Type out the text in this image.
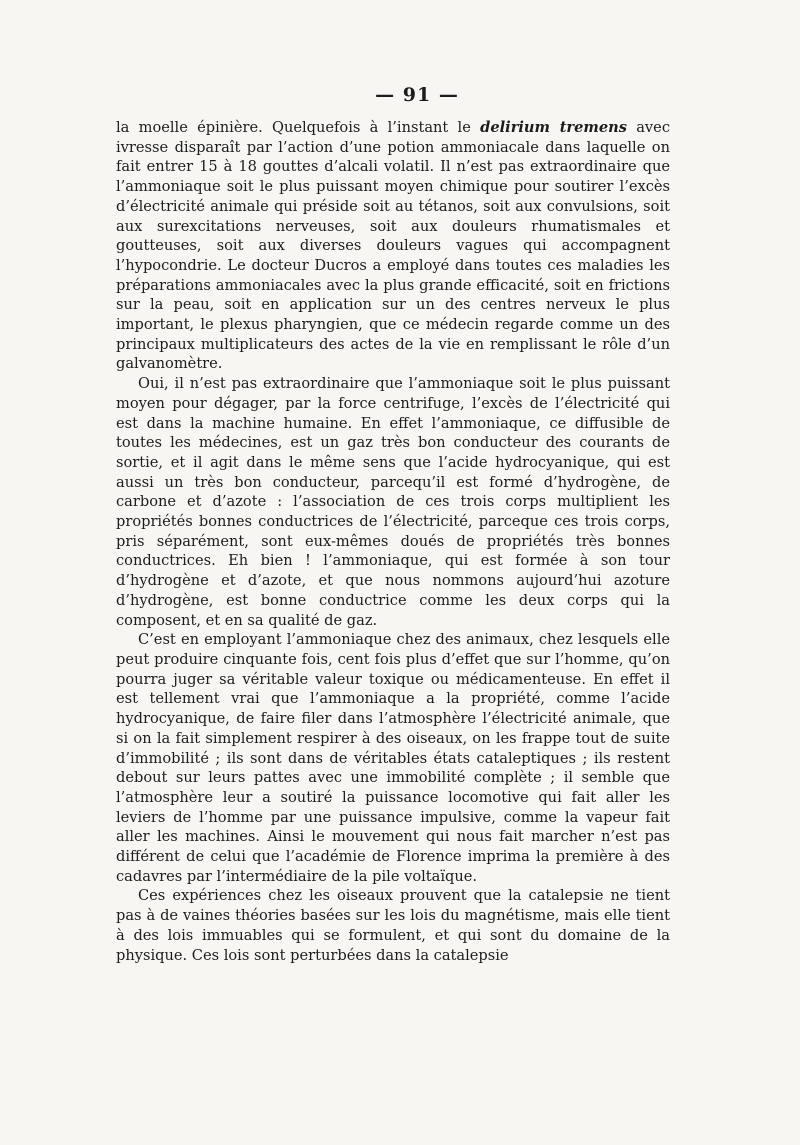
— 91 —

la moelle épinière. Quelquefois à l’instant le delirium tremens avec ivresse disparaît par l’action d’une potion ammoniacale dans laquelle on fait entrer 15 à 18 gouttes d’alcali volatil. Il n’est pas extraordinaire que l’ammoniaque soit le plus puissant moyen chimique pour soutirer l’excès d’électricité animale qui préside soit au tétanos, soit aux convulsions, soit aux surexcitations nerveuses, soit aux douleurs rhumatismales et goutteuses, soit aux diverses douleurs vagues qui accompagnent l’hypocondrie. Le docteur Ducros a employé dans toutes ces maladies les préparations ammoniacales avec la plus grande efficacité, soit en frictions sur la peau, soit en application sur un des centres nerveux le plus important, le plexus pharyngien, que ce médecin regarde comme un des principaux multiplicateurs des actes de la vie en remplissant le rôle d’un galvanomètre.

Oui, il n’est pas extraordinaire que l’ammoniaque soit le plus puissant moyen pour dégager, par la force centrifuge, l’excès de l’électricité qui est dans la machine humaine. En effet l’ammoniaque, ce diffusible de toutes les médecines, est un gaz très bon conducteur des courants de sortie, et il agit dans le même sens que l’acide hydrocyanique, qui est aussi un très bon conducteur, parcequ’il est formé d’hydrogène, de carbone et d’azote : l’association de ces trois corps multiplient les propriétés bonnes conductrices de l’électricité, parceque ces trois corps, pris séparément, sont eux-mêmes doués de propriétés très bonnes conductrices. Eh bien ! l’ammoniaque, qui est formée à son tour d’hydrogène et d’azote, et que nous nommons aujourd’hui azoture d’hydrogène, est bonne conductrice comme les deux corps qui la composent, et en sa qualité de gaz.

C’est en employant l’ammoniaque chez des animaux, chez lesquels elle peut produire cinquante fois, cent fois plus d’effet que sur l’homme, qu’on pourra juger sa véritable valeur toxique ou médicamenteuse. En effet il est tellement vrai que l’ammoniaque a la propriété, comme l’acide hydrocyanique, de faire filer dans l’atmosphère l’électricité animale, que si on la fait simplement respirer à des oiseaux, on les frappe tout de suite d’immobilité ; ils sont dans de véritables états cataleptiques ; ils restent debout sur leurs pattes avec une immobilité complète ; il semble que l’atmosphère leur a soutiré la puissance locomotive qui fait aller les leviers de l’homme par une puissance impulsive, comme la vapeur fait aller les machines. Ainsi le mouvement qui nous fait marcher n’est pas différent de celui que l’académie de Florence imprima la première à des cadavres par l’intermédiaire de la pile voltaïque.

Ces expériences chez les oiseaux prouvent que la catalepsie ne tient pas à de vaines théories basées sur les lois du magnétisme, mais elle tient à des lois immuables qui se formulent, et qui sont du domaine de la physique. Ces lois sont perturbées dans la catalepsie
